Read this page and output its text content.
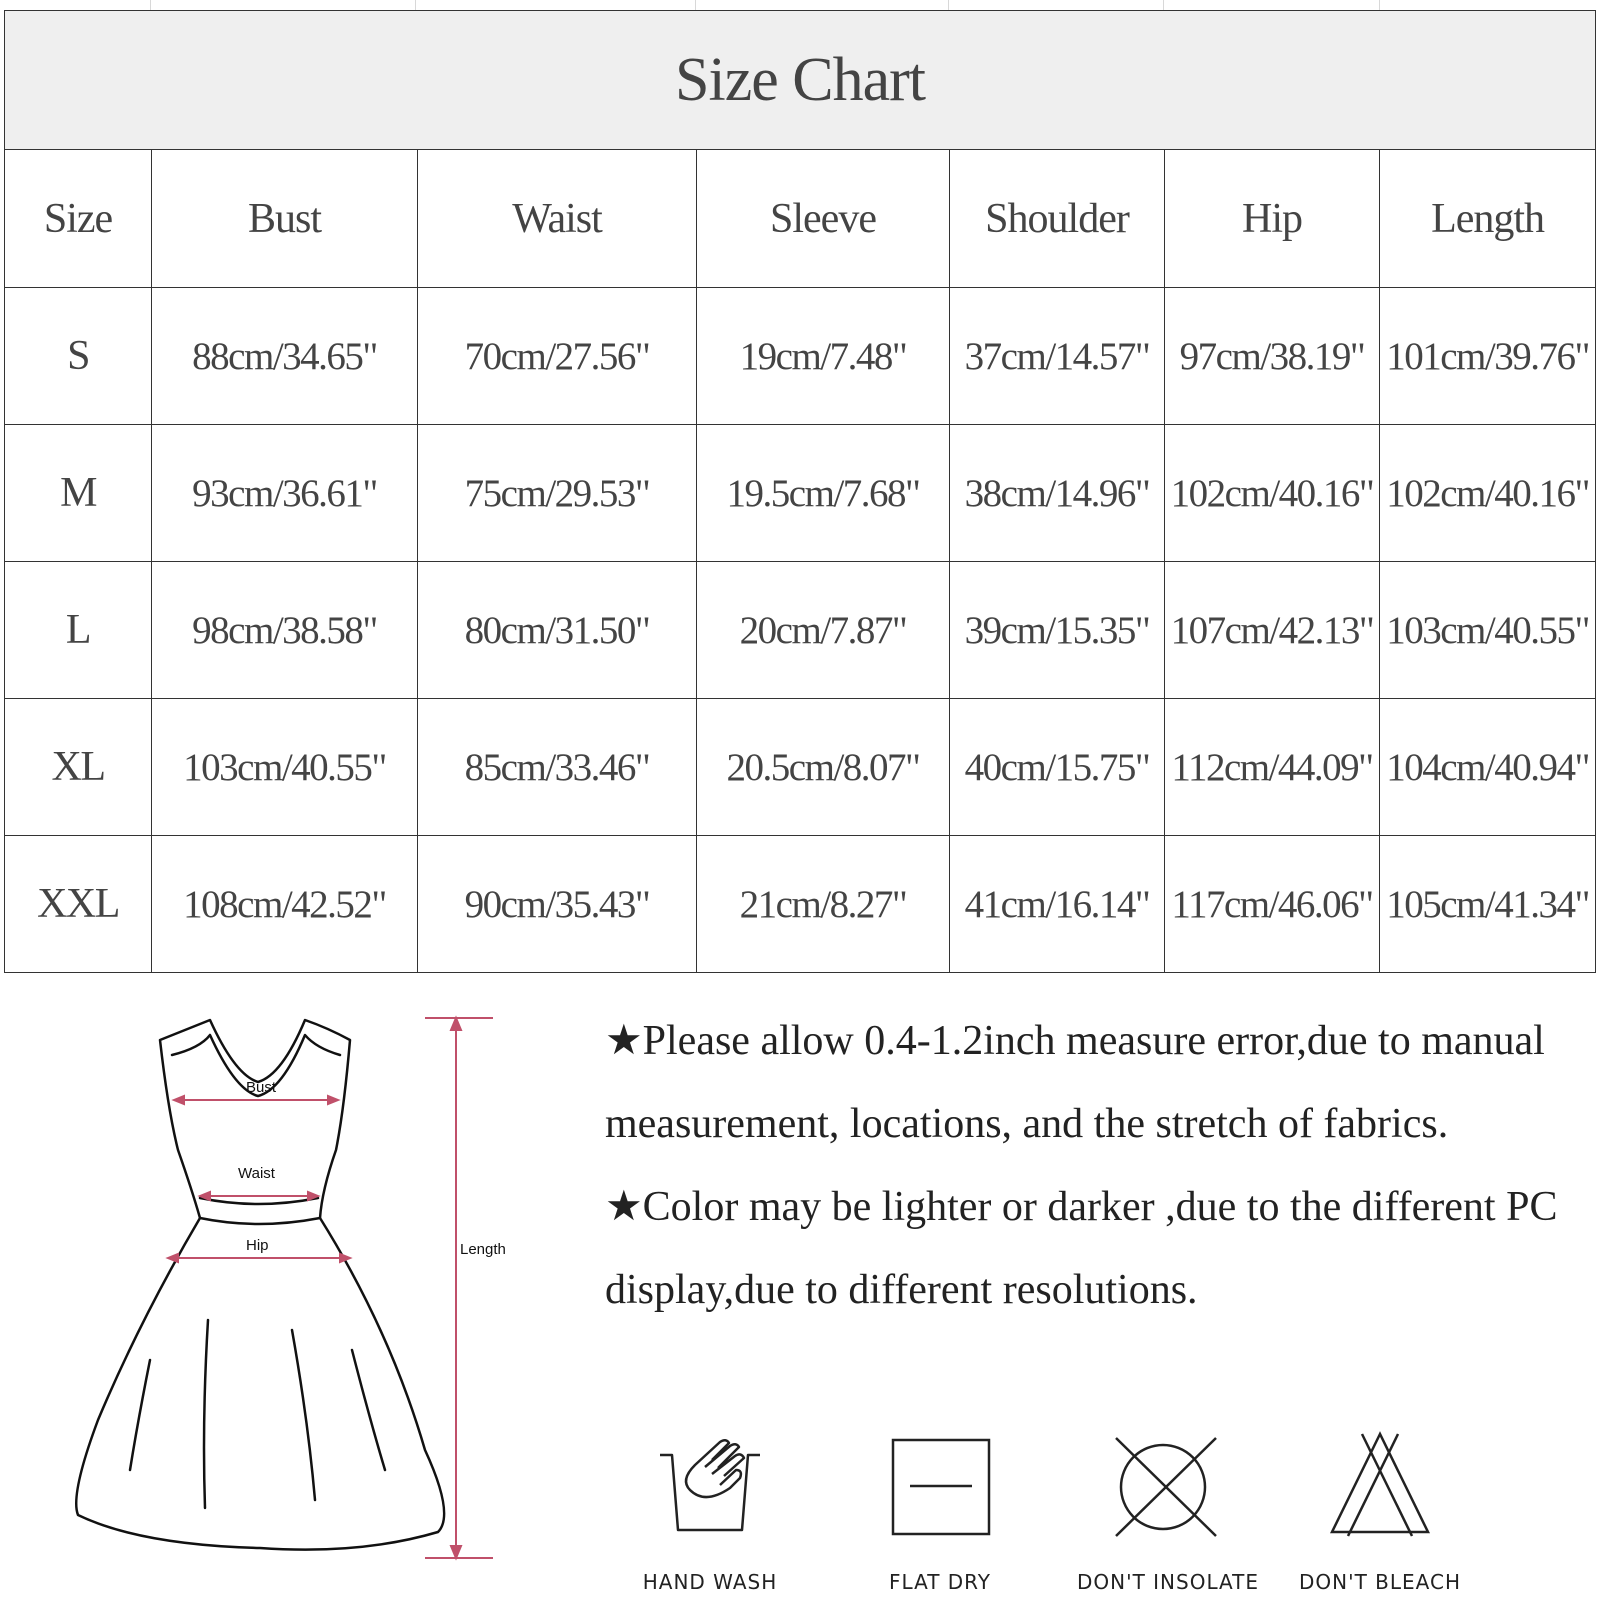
Size Chart						
Size	Bust	Waist	Sleeve	Shoulder	Hip	Length
S	88cm/34.65"	70cm/27.56"	19cm/7.48"	37cm/14.57"	97cm/38.19"	101cm/39.76"
M	93cm/36.61"	75cm/29.53"	19.5cm/7.68"	38cm/14.96"	102cm/40.16"	102cm/40.16"
L	98cm/38.58"	80cm/31.50"	20cm/7.87"	39cm/15.35"	107cm/42.13"	103cm/40.55"
XL	103cm/40.55"	85cm/33.46"	20.5cm/8.07"	40cm/15.75"	112cm/44.09"	104cm/40.94"
XXL	108cm/42.52"	90cm/35.43"	21cm/8.27"	41cm/16.14"	117cm/46.06"	105cm/41.34"
Bust
Waist
Hip	Length

★Please allow 0.4-1.2inch measure error,due to manual measurement, locations, and the stretch of fabrics.

★Color may be lighter or darker ,due to the different PC display,due to different resolutions.

HAND WASH	FLAT DRY	DON'T INSOLATE	DON'T BLEACH
